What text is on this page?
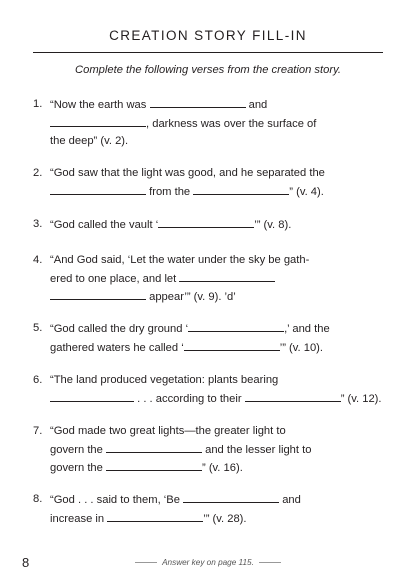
CREATION STORY FILL-IN
Complete the following verses from the creation story.
1. “Now the earth was	and
, darkness was over the surface of
the deep” (v. 2).
2. “God saw that the light was good, and he separated the
from the	” (v. 4).
3. “God called the vault ‘	’” (v. 8).
4. “And God said, ‘Let the water under the sky be gath-
ered to one place, and let
appear’” (v. 9). ’d’
5. “God called the dry ground ‘	,’ and the
gathered waters he called ‘	’” (v. 10).
6. “The land produced vegetation: plants bearing
. . . according to their	” (v. 12).
7. “God made two great lights—the greater light to
govern the	and the lesser light to
govern the	” (v. 16).
8. “God . . . said to them, ‘Be	and
increase in	’” (v. 28).
8	Answer key on page 115.
